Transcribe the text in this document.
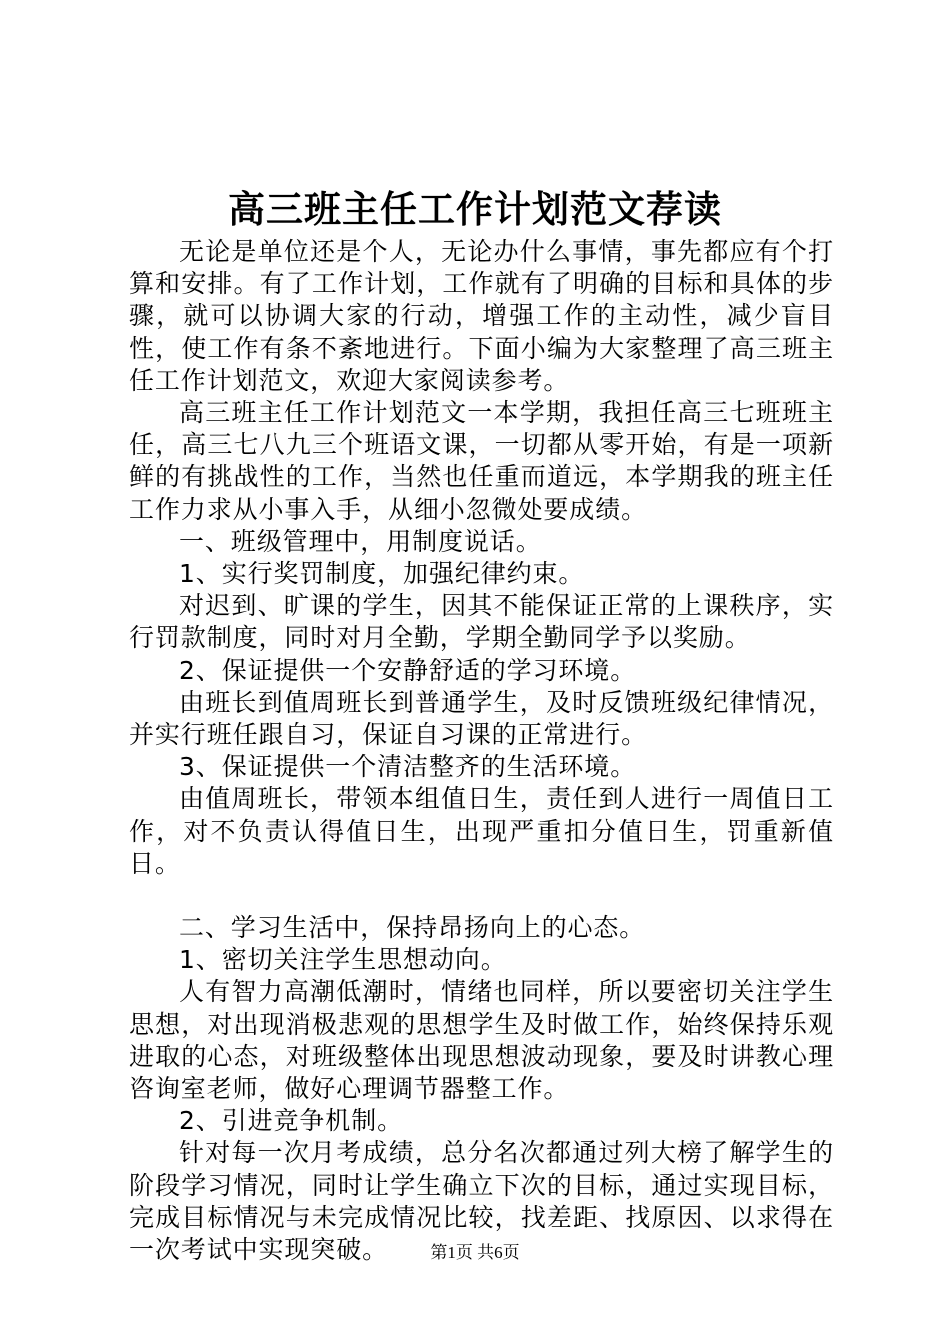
高三班主任工作计划范文荐读

无论是单位还是个人，无论办什么事情，事先都应有个打算和安排。有了工作计划，工作就有了明确的目标和具体的步骤，就可以协调大家的行动，增强工作的主动性，减少盲目性，使工作有条不紊地进行。下面小编为大家整理了高三班主任工作计划范文，欢迎大家阅读参考。

高三班主任工作计划范文一本学期，我担任高三七班班主任，高三七八九三个班语文课，一切都从零开始，有是一项新鲜的有挑战性的工作，当然也任重而道远，本学期我的班主任工作力求从小事入手，从细小忽微处要成绩。

一、班级管理中，用制度说话。

1、实行奖罚制度，加强纪律约束。

对迟到、旷课的学生，因其不能保证正常的上课秩序，实行罚款制度，同时对月全勤，学期全勤同学予以奖励。

2、保证提供一个安静舒适的学习环境。

由班长到值周班长到普通学生，及时反馈班级纪律情况，并实行班任跟自习，保证自习课的正常进行。

3、保证提供一个清洁整齐的生活环境。

由值周班长，带领本组值日生，责任到人进行一周值日工作，对不负责认得值日生，出现严重扣分值日生，罚重新值日。

二、学习生活中，保持昂扬向上的心态。

1、密切关注学生思想动向。

人有智力高潮低潮时，情绪也同样，所以要密切关注学生思想，对出现消极悲观的思想学生及时做工作，始终保持乐观进取的心态，对班级整体出现思想波动现象，要及时讲教心理咨询室老师，做好心理调节器整工作。

2、引进竞争机制。

针对每一次月考成绩，总分名次都通过列大榜了解学生的阶段学习情况，同时让学生确立下次的目标，通过实现目标，完成目标情况与未完成情况比较，找差距、找原因、以求得在一次考试中实现突破。	第1页 共6页
